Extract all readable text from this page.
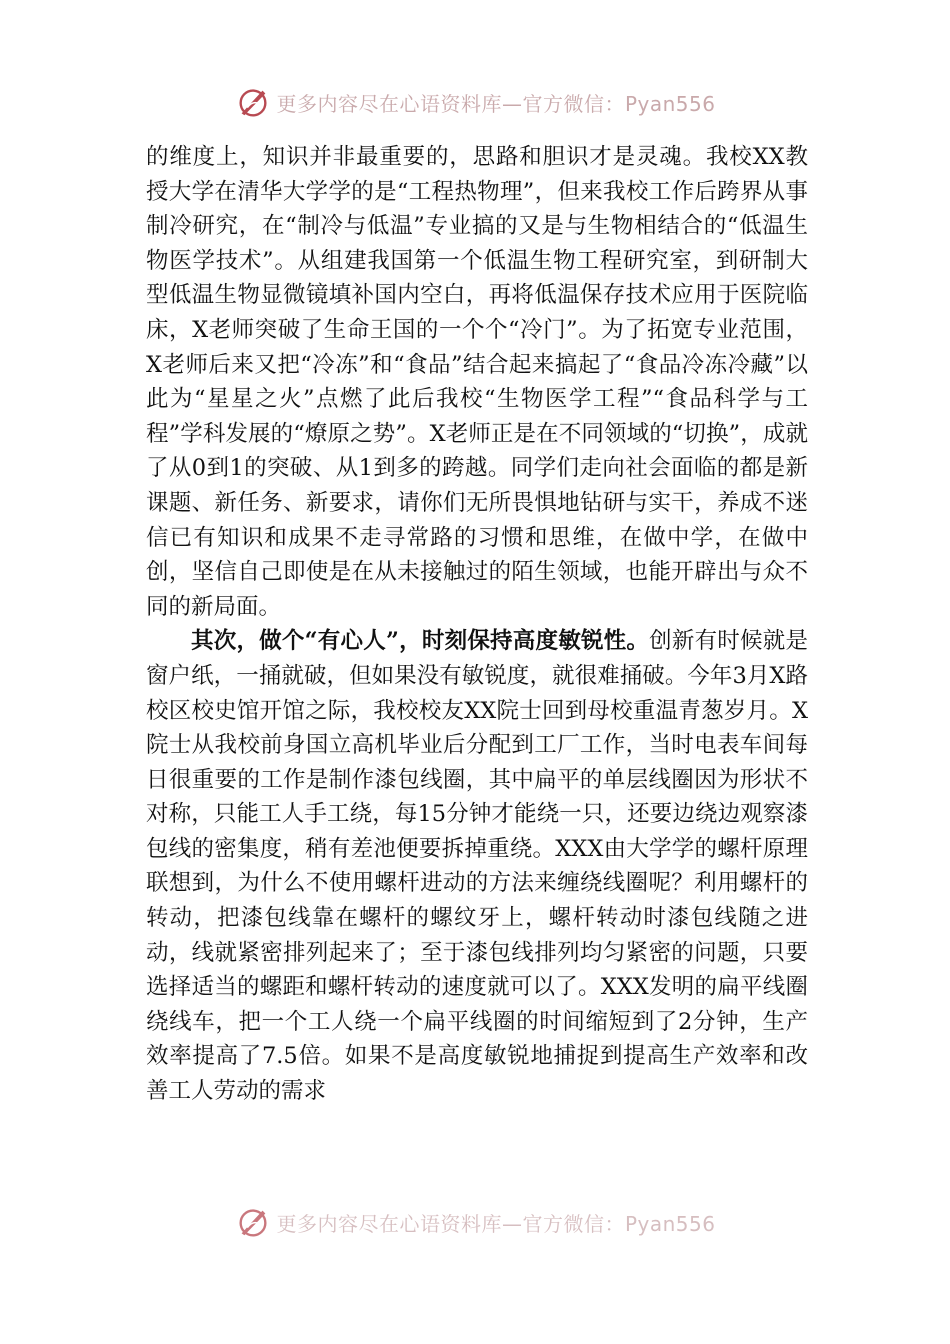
更多内容尽在心语资料库—官方微信：Pyan556

的维度上，知识并非最重要的，思路和胆识才是灵魂。我校XX教授大学在清华大学学的是“工程热物理”，但来我校工作后跨界从事制冷研究，在“制冷与低温”专业搞的又是与生物相结合的“低温生物医学技术”。从组建我国第一个低温生物工程研究室，到研制大型低温生物显微镜填补国内空白，再将低温保存技术应用于医院临床，X老师突破了生命王国的一个个“冷门”。为了拓宽专业范围，X老师后来又把“冷冻”和“食品”结合起来搞起了“食品冷冻冷藏”以此为“星星之火”点燃了此后我校“生物医学工程”“食品科学与工程”学科发展的“燎原之势”。X老师正是在不同领域的“切换”，成就了从0到1的突破、从1到多的跨越。同学们走向社会面临的都是新课题、新任务、新要求，请你们无所畏惧地钻研与实干，养成不迷信已有知识和成果不走寻常路的习惯和思维，在做中学，在做中创，坚信自己即使是在从未接触过的陌生领域，也能开辟出与众不同的新局面。

其次，做个“有心人”，时刻保持高度敏锐性。创新有时候就是窗户纸，一捅就破，但如果没有敏锐度，就很难捅破。今年3月X路校区校史馆开馆之际，我校校友XX院士回到母校重温青葱岁月。X院士从我校前身国立高机毕业后分配到工厂工作，当时电表车间每日很重要的工作是制作漆包线圈，其中扁平的单层线圈因为形状不对称，只能工人手工绕，每15分钟才能绕一只，还要边绕边观察漆包线的密集度，稍有差池便要拆掉重绕。XXX由大学学的螺杆原理联想到，为什么不使用螺杆进动的方法来缠绕线圈呢？利用螺杆的转动，把漆包线靠在螺杆的螺纹牙上，螺杆转动时漆包线随之进动，线就紧密排列起来了；至于漆包线排列均匀紧密的问题，只要选择适当的螺距和螺杆转动的速度就可以了。XXX发明的扁平线圈绕线车，把一个工人绕一个扁平线圈的时间缩短到了2分钟，生产效率提高了7.5倍。如果不是高度敏锐地捕捉到提高生产效率和改善工人劳动的需求

更多内容尽在心语资料库—官方微信：Pyan556
